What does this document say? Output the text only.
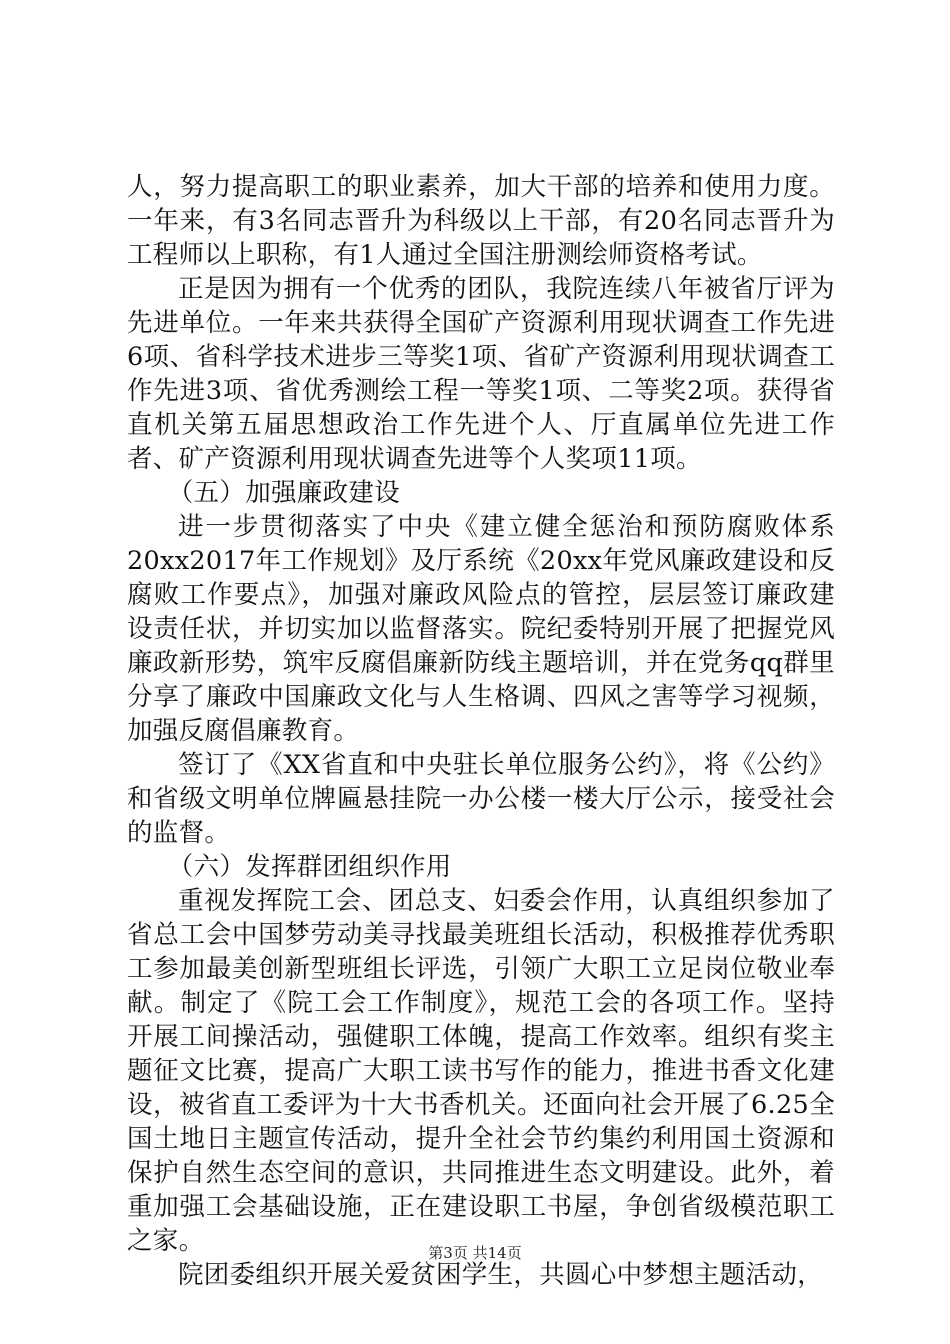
人，努力提高职工的职业素养，加大干部的培养和使用力度。一年来，有3名同志晋升为科级以上干部，有20名同志晋升为工程师以上职称，有1人通过全国注册测绘师资格考试。

正是因为拥有一个优秀的团队，我院连续八年被省厅评为先进单位。一年来共获得全国矿产资源利用现状调查工作先进6项、省科学技术进步三等奖1项、省矿产资源利用现状调查工作先进3项、省优秀测绘工程一等奖1项、二等奖2项。获得省直机关第五届思想政治工作先进个人、厅直属单位先进工作者、矿产资源利用现状调查先进等个人奖项11项。

（五）加强廉政建设

进一步贯彻落实了中央《建立健全惩治和预防腐败体系20xx2017年工作规划》及厅系统《20xx年党风廉政建设和反腐败工作要点》，加强对廉政风险点的管控，层层签订廉政建设责任状，并切实加以监督落实。院纪委特别开展了把握党风廉政新形势，筑牢反腐倡廉新防线主题培训，并在党务qq群里分享了廉政中国廉政文化与人生格调、四风之害等学习视频，加强反腐倡廉教育。

签订了《XX省直和中央驻长单位服务公约》，将《公约》和省级文明单位牌匾悬挂院一办公楼一楼大厅公示，接受社会的监督。

（六）发挥群团组织作用

重视发挥院工会、团总支、妇委会作用，认真组织参加了省总工会中国梦劳动美寻找最美班组长活动，积极推荐优秀职工参加最美创新型班组长评选，引领广大职工立足岗位敬业奉献。制定了《院工会工作制度》，规范工会的各项工作。坚持开展工间操活动，强健职工体魄，提高工作效率。组织有奖主题征文比赛，提高广大职工读书写作的能力，推进书香文化建设，被省直工委评为十大书香机关。还面向社会开展了6.25全国土地日主题宣传活动，提升全社会节约集约利用国土资源和保护自然生态空间的意识，共同推进生态文明建设。此外，着重加强工会基础设施，正在建设职工书屋，争创省级模范职工之家。

院团委组织开展关爱贫困学生，共圆心中梦想主题活动，

第3页 共14页
